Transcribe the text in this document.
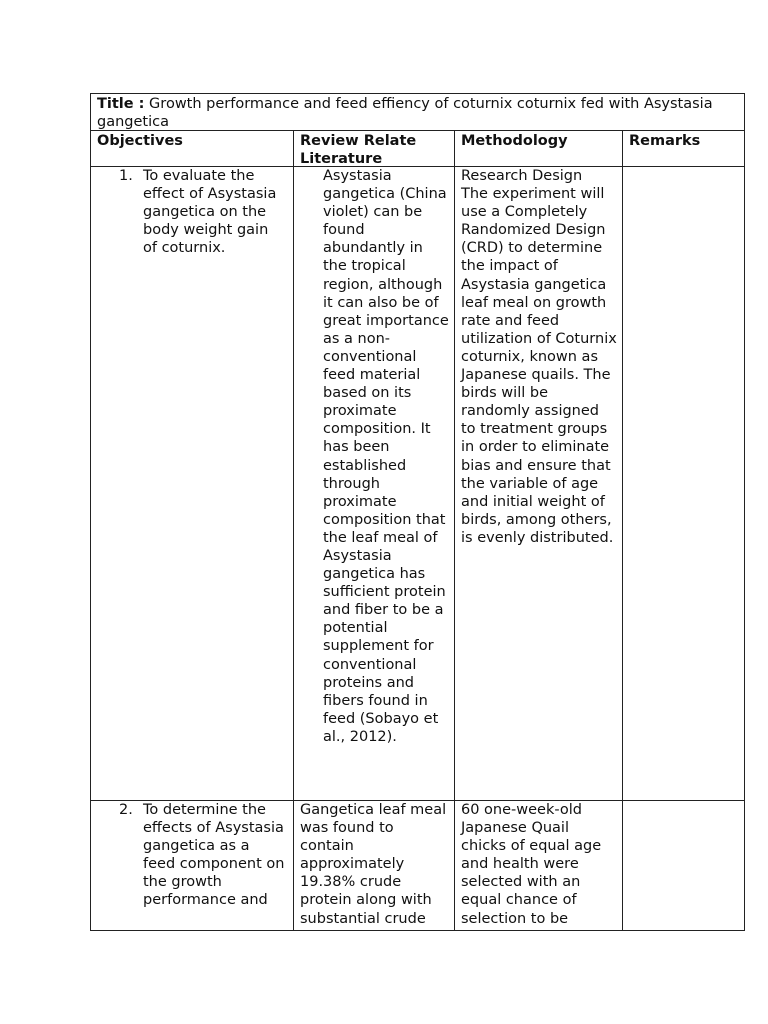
Title : Growth performance and feed effiency of coturnix coturnix fed with Asystasia gangetica
Objectives	Review Relate Literature
Methodology	Remarks
1. To evaluate the effect of Asystasia gangetica on the body weight gain of coturnix.
Asystasia gangetica (China violet) can be found abundantly in the tropical region, although it can also be of great importance as a non-conventional feed material based on its proximate composition. It has been established through proximate composition that the leaf meal of Asystasia gangetica has sufficient protein and fiber to be a potential supplement for conventional proteins and fibers found in feed (Sobayo et al., 2012).
Research Design
The experiment will use a Completely Randomized Design (CRD) to determine the impact of Asystasia gangetica leaf meal on growth rate and feed utilization of Coturnix coturnix, known as Japanese quails. The birds will be randomly assigned to treatment groups in order to eliminate bias and ensure that the variable of age and initial weight of birds, among others, is evenly distributed.
2. To determine the effects of Asystasia gangetica as a feed component on the growth performance and
Gangetica leaf meal was found to contain approximately 19.38% crude protein along with substantial crude
60 one-week-old Japanese Quail chicks of equal age and health were selected with an equal chance of selection to be
